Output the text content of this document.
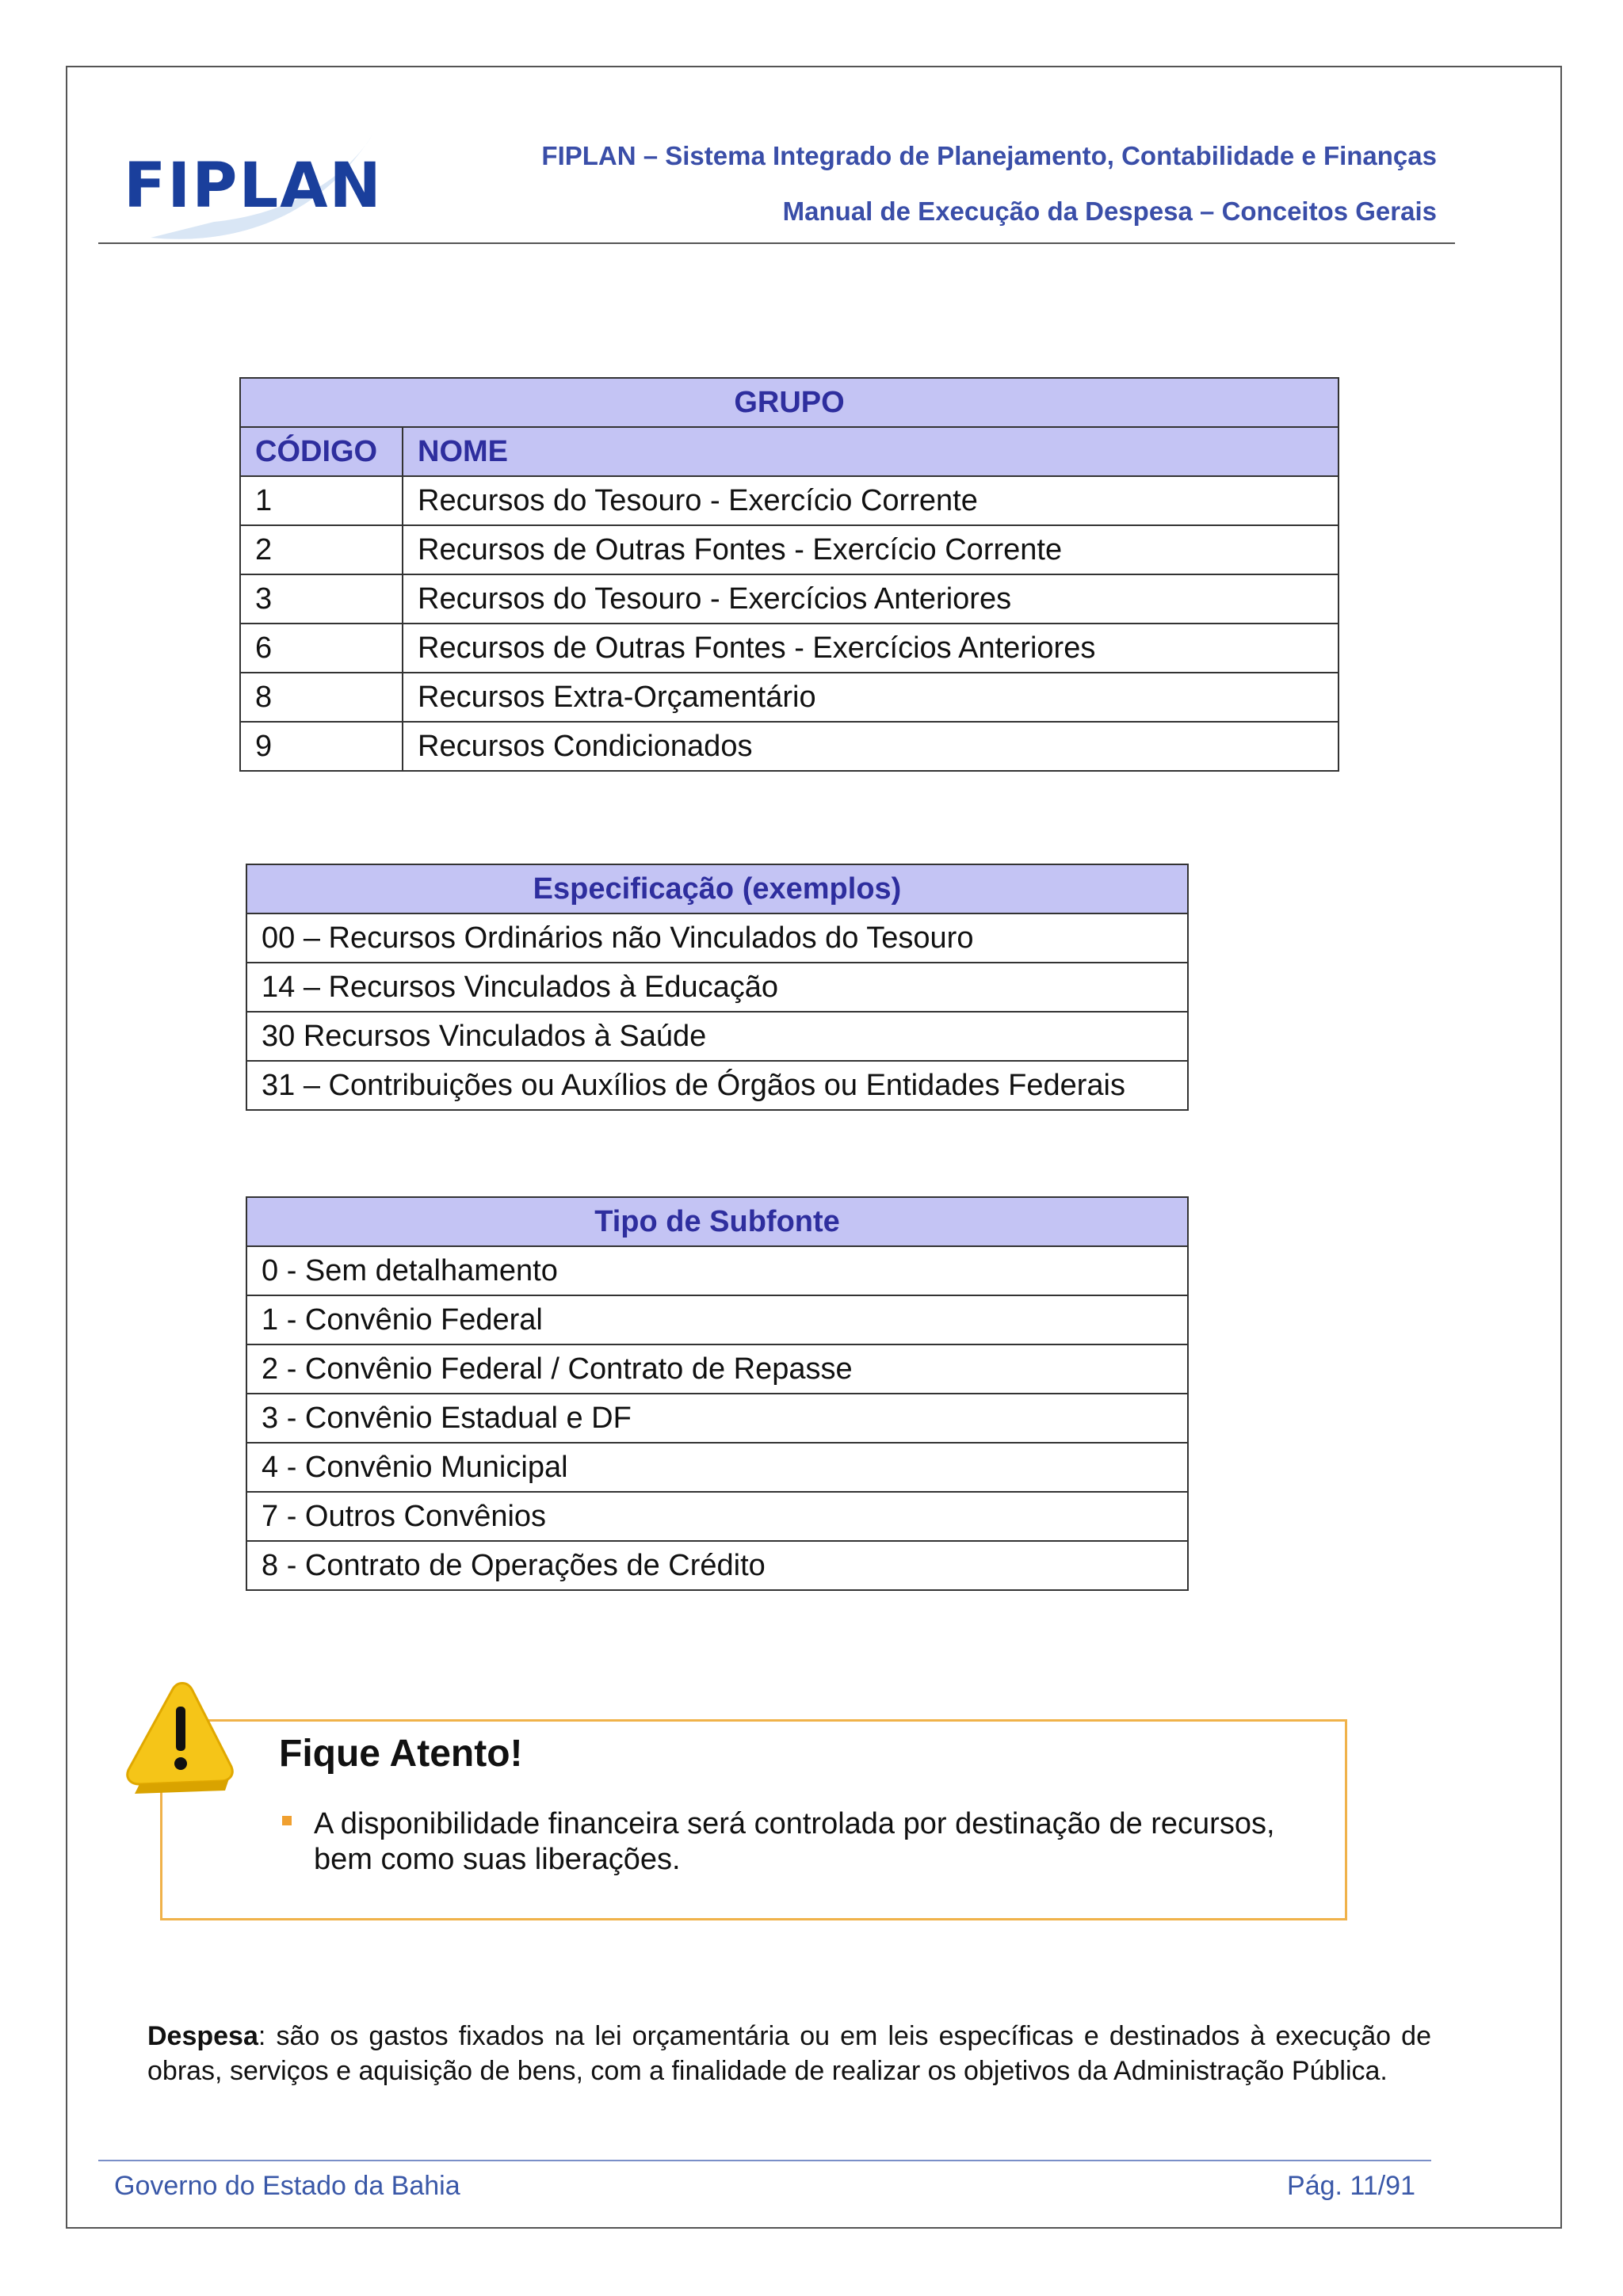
FIPLAN	FIPLAN – Sistema Integrado de Planejamento, Contabilidade e Finanças
Manual de Execução da Despesa – Conceitos Gerais
GRUPO	
CÓDIGO	NOME
1	Recursos do Tesouro - Exercício Corrente
2	Recursos de Outras Fontes - Exercício Corrente
3	Recursos do Tesouro - Exercícios Anteriores
6	Recursos de Outras Fontes - Exercícios Anteriores
8	Recursos Extra-Orçamentário
9	Recursos Condicionados
Especificação (exemplos)
00 – Recursos Ordinários não Vinculados do Tesouro
14 – Recursos Vinculados à Educação
30 Recursos Vinculados à Saúde
31 – Contribuições ou Auxílios de Órgãos ou Entidades Federais
Tipo de Subfonte
0 - Sem detalhamento
1 - Convênio Federal
2 - Convênio Federal / Contrato de Repasse
3 - Convênio Estadual e DF
4 - Convênio Municipal
7 - Outros Convênios
8 - Contrato de Operações de Crédito
Fique Atento!
A disponibilidade financeira será controlada por destinação de recursos, bem como suas liberações.
Despesa: são os gastos fixados na lei orçamentária ou em leis específicas e destinados à execução de obras, serviços e aquisição de bens, com a finalidade de realizar os objetivos da Administração Pública.
Governo do Estado da Bahia	Pág. 11/91
